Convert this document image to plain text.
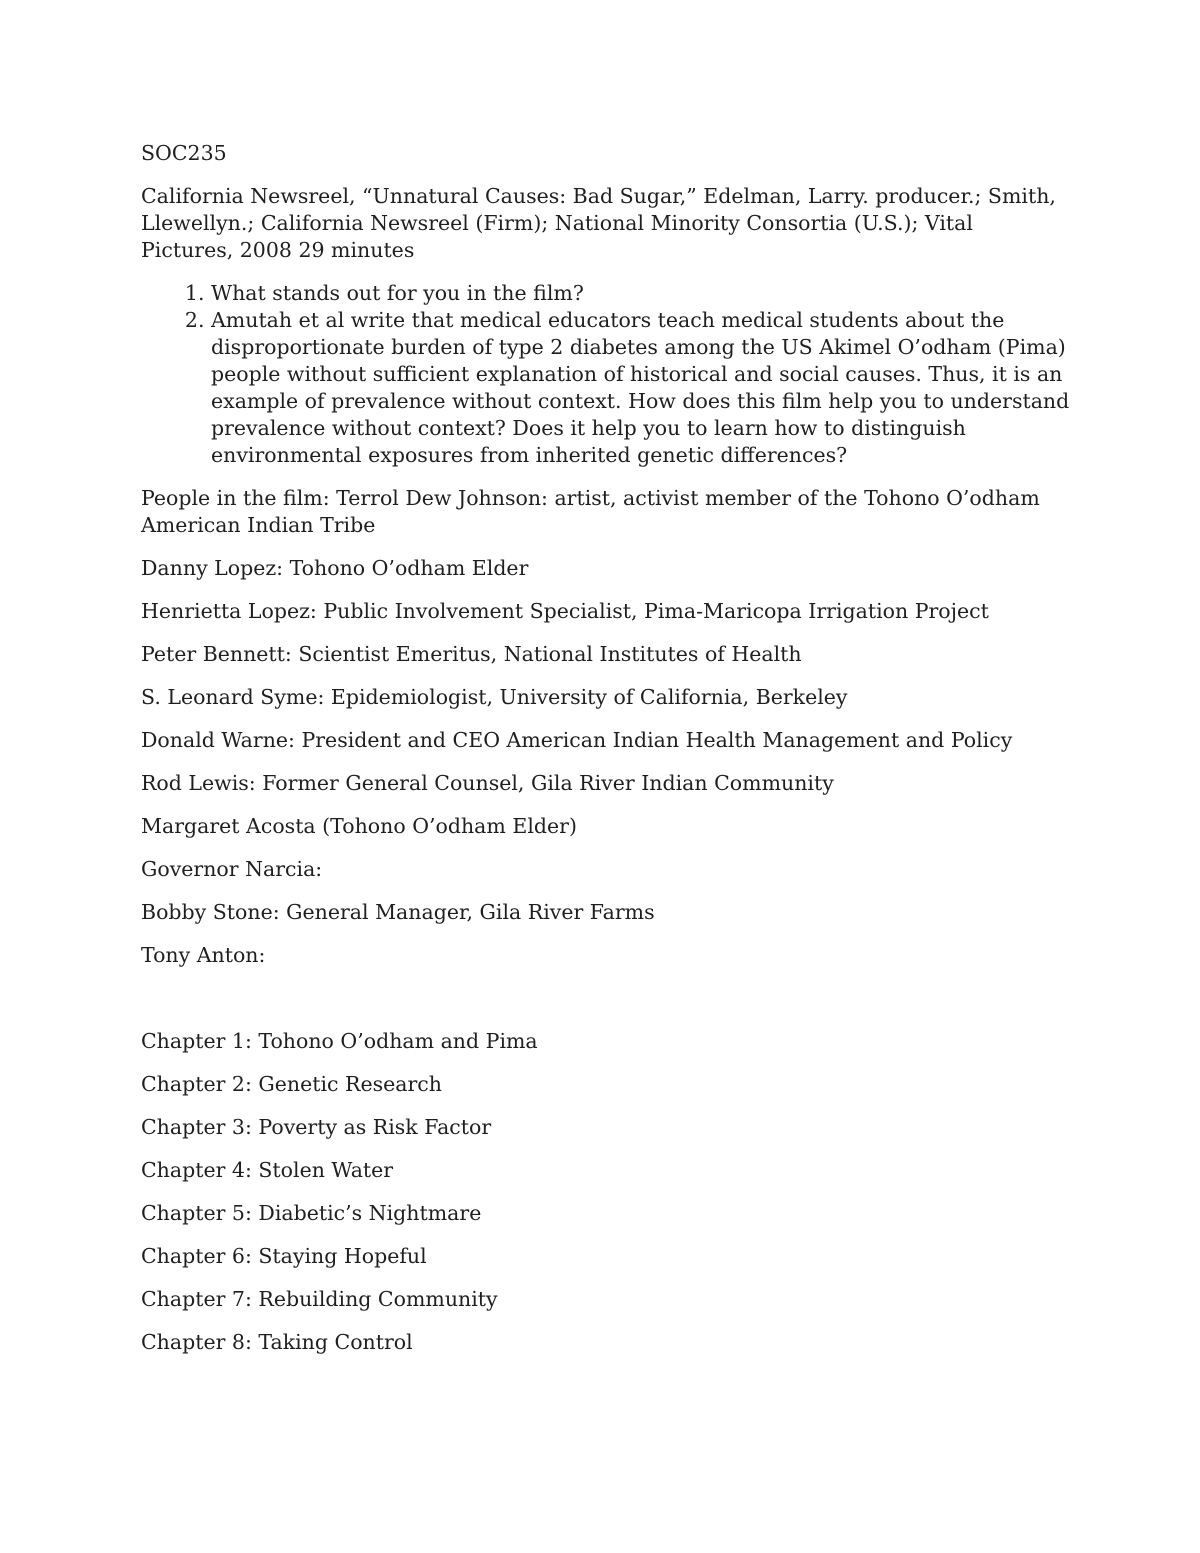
SOC235

California Newsreel, “Unnatural Causes: Bad Sugar,” Edelman, Larry. producer.; Smith, Llewellyn.; California Newsreel (Firm); National Minority Consortia (U.S.); Vital Pictures, 2008 29 minutes

1. What stands out for you in the film?
2. Amutah et al write that medical educators teach medical students about the disproportionate burden of type 2 diabetes among the US Akimel O’odham (Pima) people without sufficient explanation of historical and social causes. Thus, it is an example of prevalence without context. How does this film help you to understand prevalence without context? Does it help you to learn how to distinguish environmental exposures from inherited genetic differences?

People in the film: Terrol Dew Johnson: artist, activist member of the Tohono O’odham American Indian Tribe

Danny Lopez: Tohono O’odham Elder

Henrietta Lopez: Public Involvement Specialist, Pima-Maricopa Irrigation Project

Peter Bennett: Scientist Emeritus, National Institutes of Health

S. Leonard Syme: Epidemiologist, University of California, Berkeley

Donald Warne: President and CEO American Indian Health Management and Policy

Rod Lewis: Former General Counsel, Gila River Indian Community

Margaret Acosta (Tohono O’odham Elder)

Governor Narcia:

Bobby Stone: General Manager, Gila River Farms

Tony Anton:

Chapter 1: Tohono O’odham and Pima

Chapter 2: Genetic Research

Chapter 3: Poverty as Risk Factor

Chapter 4: Stolen Water

Chapter 5: Diabetic’s Nightmare

Chapter 6: Staying Hopeful

Chapter 7: Rebuilding Community

Chapter 8: Taking Control
